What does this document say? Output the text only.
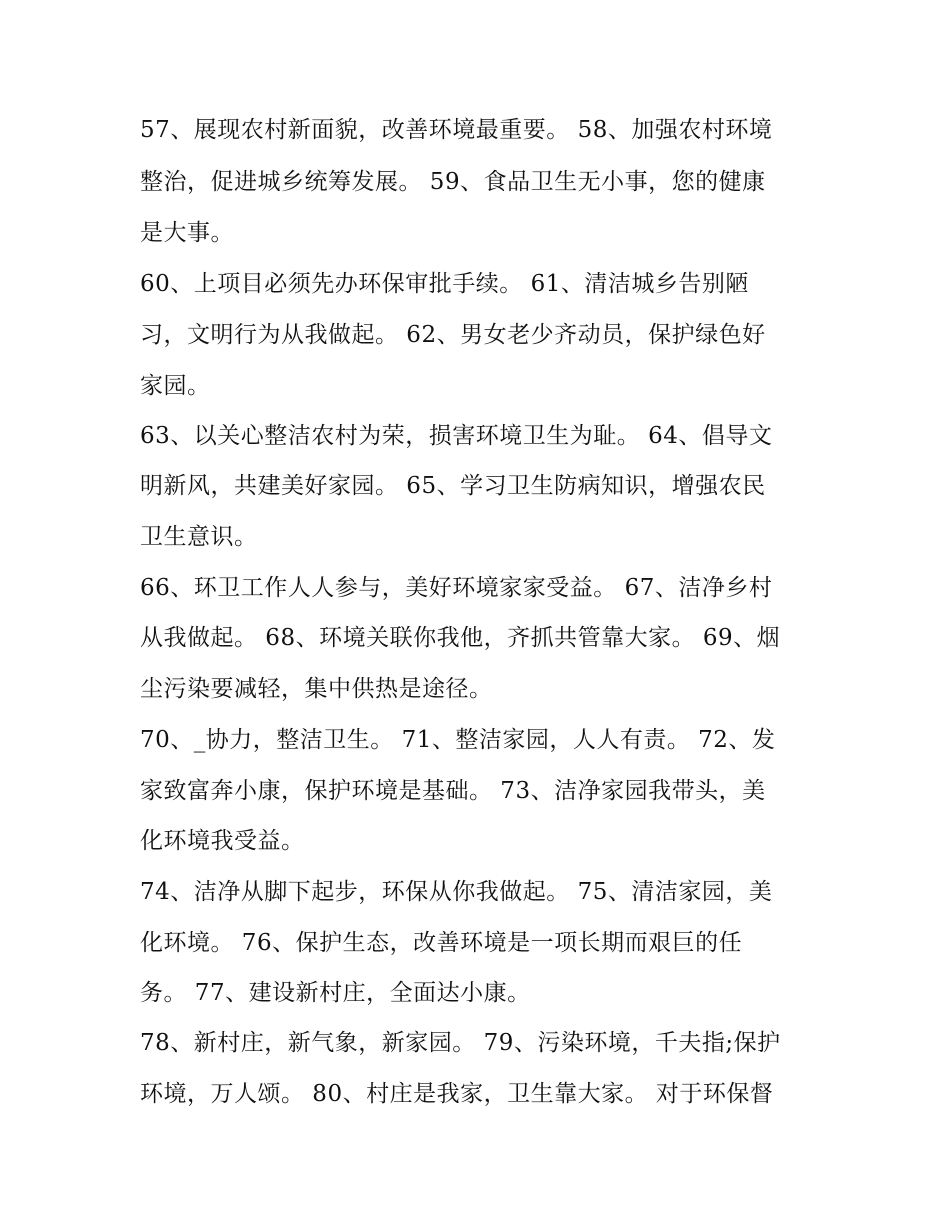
57、展现农村新面貌，改善环境最重要。 58、加强农村环境
整治，促进城乡统筹发展。 59、食品卫生无小事，您的健康
是大事。
60、上项目必须先办环保审批手续。 61、清洁城乡告别陋
习，文明行为从我做起。 62、男女老少齐动员，保护绿色好
家园。
63、以关心整洁农村为荣，损害环境卫生为耻。 64、倡导文
明新风，共建美好家园。 65、学习卫生防病知识，增强农民
卫生意识。
66、环卫工作人人参与，美好环境家家受益。 67、洁净乡村
从我做起。 68、环境关联你我他，齐抓共管靠大家。 69、烟
尘污染要减轻，集中供热是途径。
70、_协力，整洁卫生。 71、整洁家园，人人有责。 72、发
家致富奔小康，保护环境是基础。 73、洁净家园我带头，美
化环境我受益。
74、洁净从脚下起步，环保从你我做起。 75、清洁家园，美
化环境。 76、保护生态，改善环境是一项长期而艰巨的任
务。 77、建设新村庄，全面达小康。
78、新村庄，新气象，新家园。 79、污染环境，千夫指;保护
环境，万人颂。 80、村庄是我家，卫生靠大家。 对于环保督
